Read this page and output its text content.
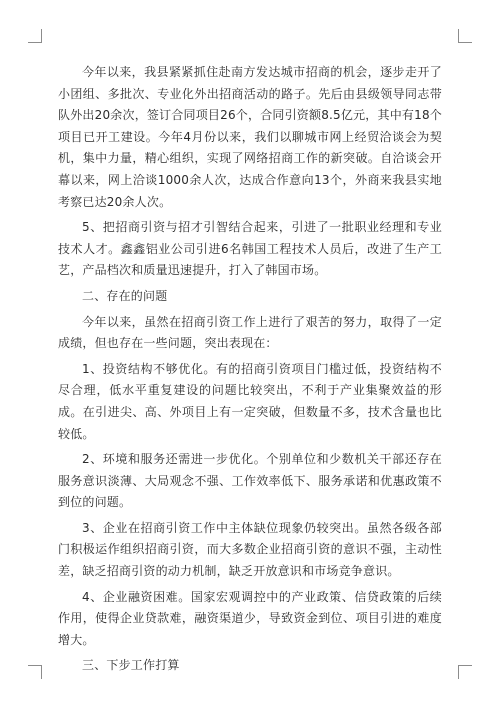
今年以来，我县紧紧抓住赴南方发达城市招商的机会，逐步走开了小团组、多批次、专业化外出招商活动的路子。先后由县级领导同志带队外出20余次，签订合同项目26个，合同引资额8.5亿元，其中有18个项目已开工建设。今年4月份以来，我们以聊城市网上经贸洽谈会为契机，集中力量，精心组织，实现了网络招商工作的新突破。自洽谈会开幕以来，网上洽谈1000余人次，达成合作意向13个，外商来我县实地考察已达20余人次。

5、把招商引资与招才引智结合起来，引进了一批职业经理和专业技术人才。鑫鑫铝业公司引进6名韩国工程技术人员后，改进了生产工艺，产品档次和质量迅速提升，打入了韩国市场。

二、存在的问题

今年以来，虽然在招商引资工作上进行了艰苦的努力，取得了一定成绩，但也存在一些问题，突出表现在：

1、投资结构不够优化。有的招商引资项目门槛过低，投资结构不尽合理，低水平重复建设的问题比较突出，不利于产业集聚效益的形成。在引进尖、高、外项目上有一定突破，但数量不多，技术含量也比较低。

2、环境和服务还需进一步优化。个别单位和少数机关干部还存在服务意识淡薄、大局观念不强、工作效率低下、服务承诺和优惠政策不到位的问题。

3、企业在招商引资工作中主体缺位现象仍较突出。虽然各级各部门积极运作组织招商引资，而大多数企业招商引资的意识不强，主动性差，缺乏招商引资的动力机制，缺乏开放意识和市场竞争意识。

4、企业融资困难。国家宏观调控中的产业政策、信贷政策的后续作用，使得企业贷款难，融资渠道少，导致资金到位、项目引进的难度增大。

三、下步工作打算
